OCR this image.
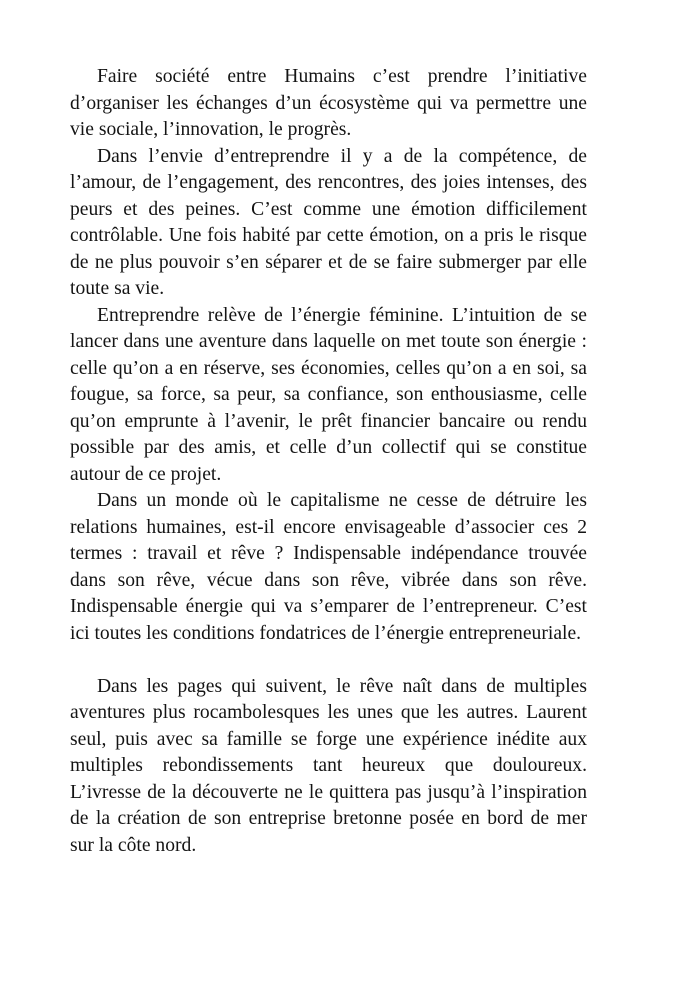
Faire société entre Humains c’est prendre l’initiative d’organiser les échanges d’un écosystème qui va permettre une vie sociale, l’innovation, le progrès.

Dans l’envie d’entreprendre il y a de la compétence, de l’amour, de l’engagement, des rencontres, des joies intenses, des peurs et des peines. C’est comme une émotion difficilement contrôlable. Une fois habité par cette émotion, on a pris le risque de ne plus pouvoir s’en séparer et de se faire submerger par elle toute sa vie.

Entreprendre relève de l’énergie féminine. L’intuition de se lancer dans une aventure dans laquelle on met toute son énergie : celle qu’on a en réserve, ses économies, celles qu’on a en soi, sa fougue, sa force, sa peur, sa confiance, son enthousiasme, celle qu’on emprunte à l’avenir, le prêt financier bancaire ou rendu possible par des amis, et celle d’un collectif qui se constitue autour de ce projet.

Dans un monde où le capitalisme ne cesse de détruire les relations humaines, est-il encore envisageable d’associer ces 2 termes : travail et rêve ? Indispensable indépendance trouvée dans son rêve, vécue dans son rêve, vibrée dans son rêve. Indispensable énergie qui va s’emparer de l’entrepreneur. C’est ici toutes les conditions fondatrices de l’énergie entrepreneuriale.

Dans les pages qui suivent, le rêve naît dans de multiples aventures plus rocambolesques les unes que les autres. Laurent seul, puis avec sa famille se forge une expérience inédite aux multiples rebondissements tant heureux que douloureux. L’ivresse de la découverte ne le quittera pas jusqu’à l’inspiration de la création de son entreprise bretonne posée en bord de mer sur la côte nord.
